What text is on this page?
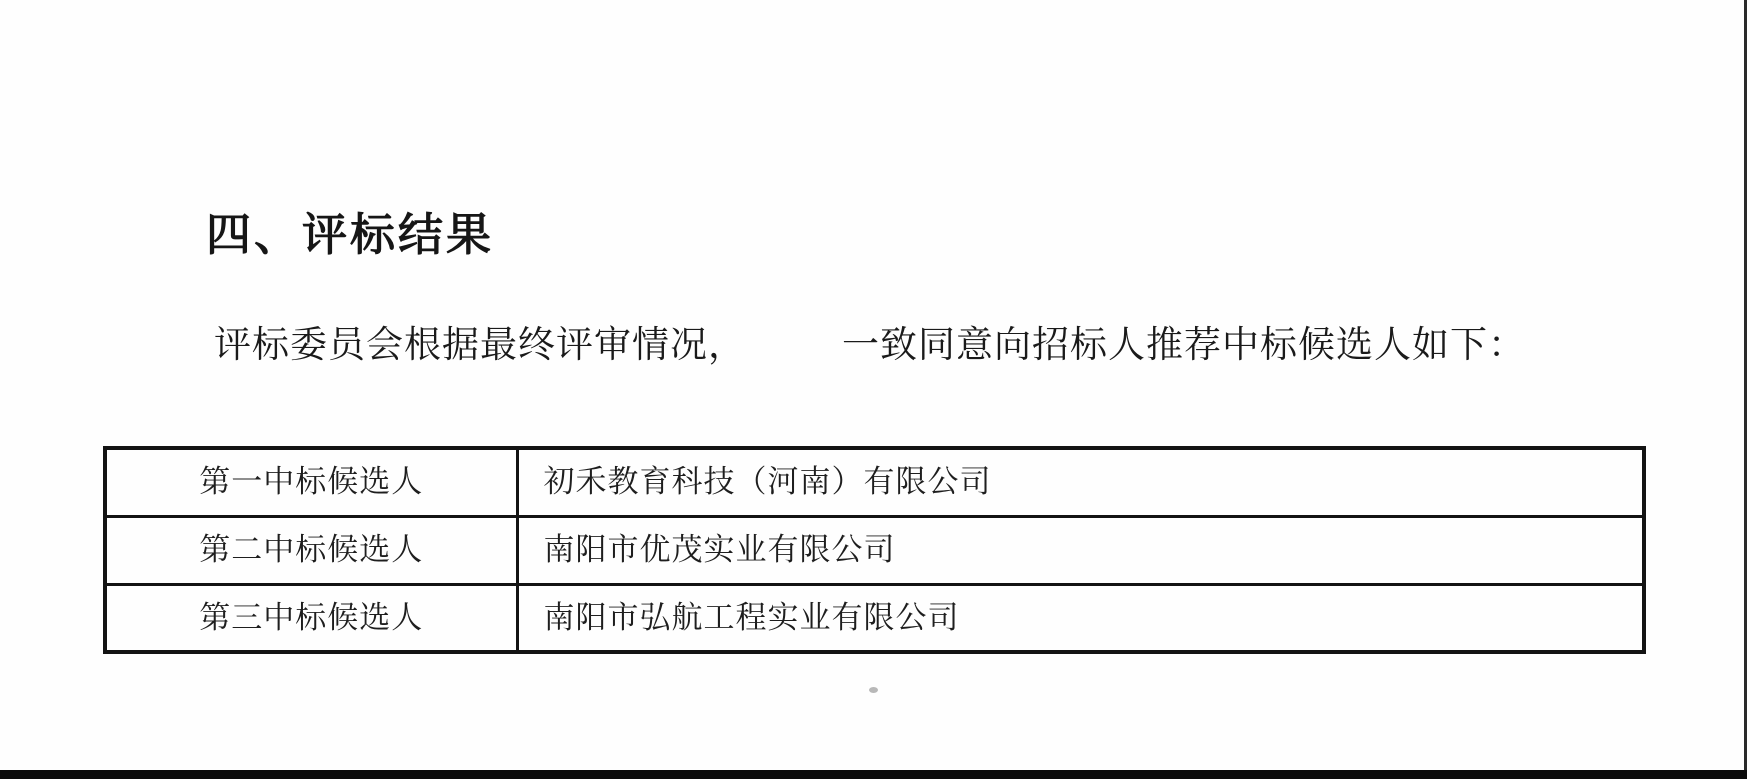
四、评标结果
评标委员会根据最终评审情况，	一致同意向招标人推荐中标候选人如下：
第一中标候选人	初禾教育科技（河南）有限公司
第二中标候选人	南阳市优茂实业有限公司
第三中标候选人	南阳市弘航工程实业有限公司
